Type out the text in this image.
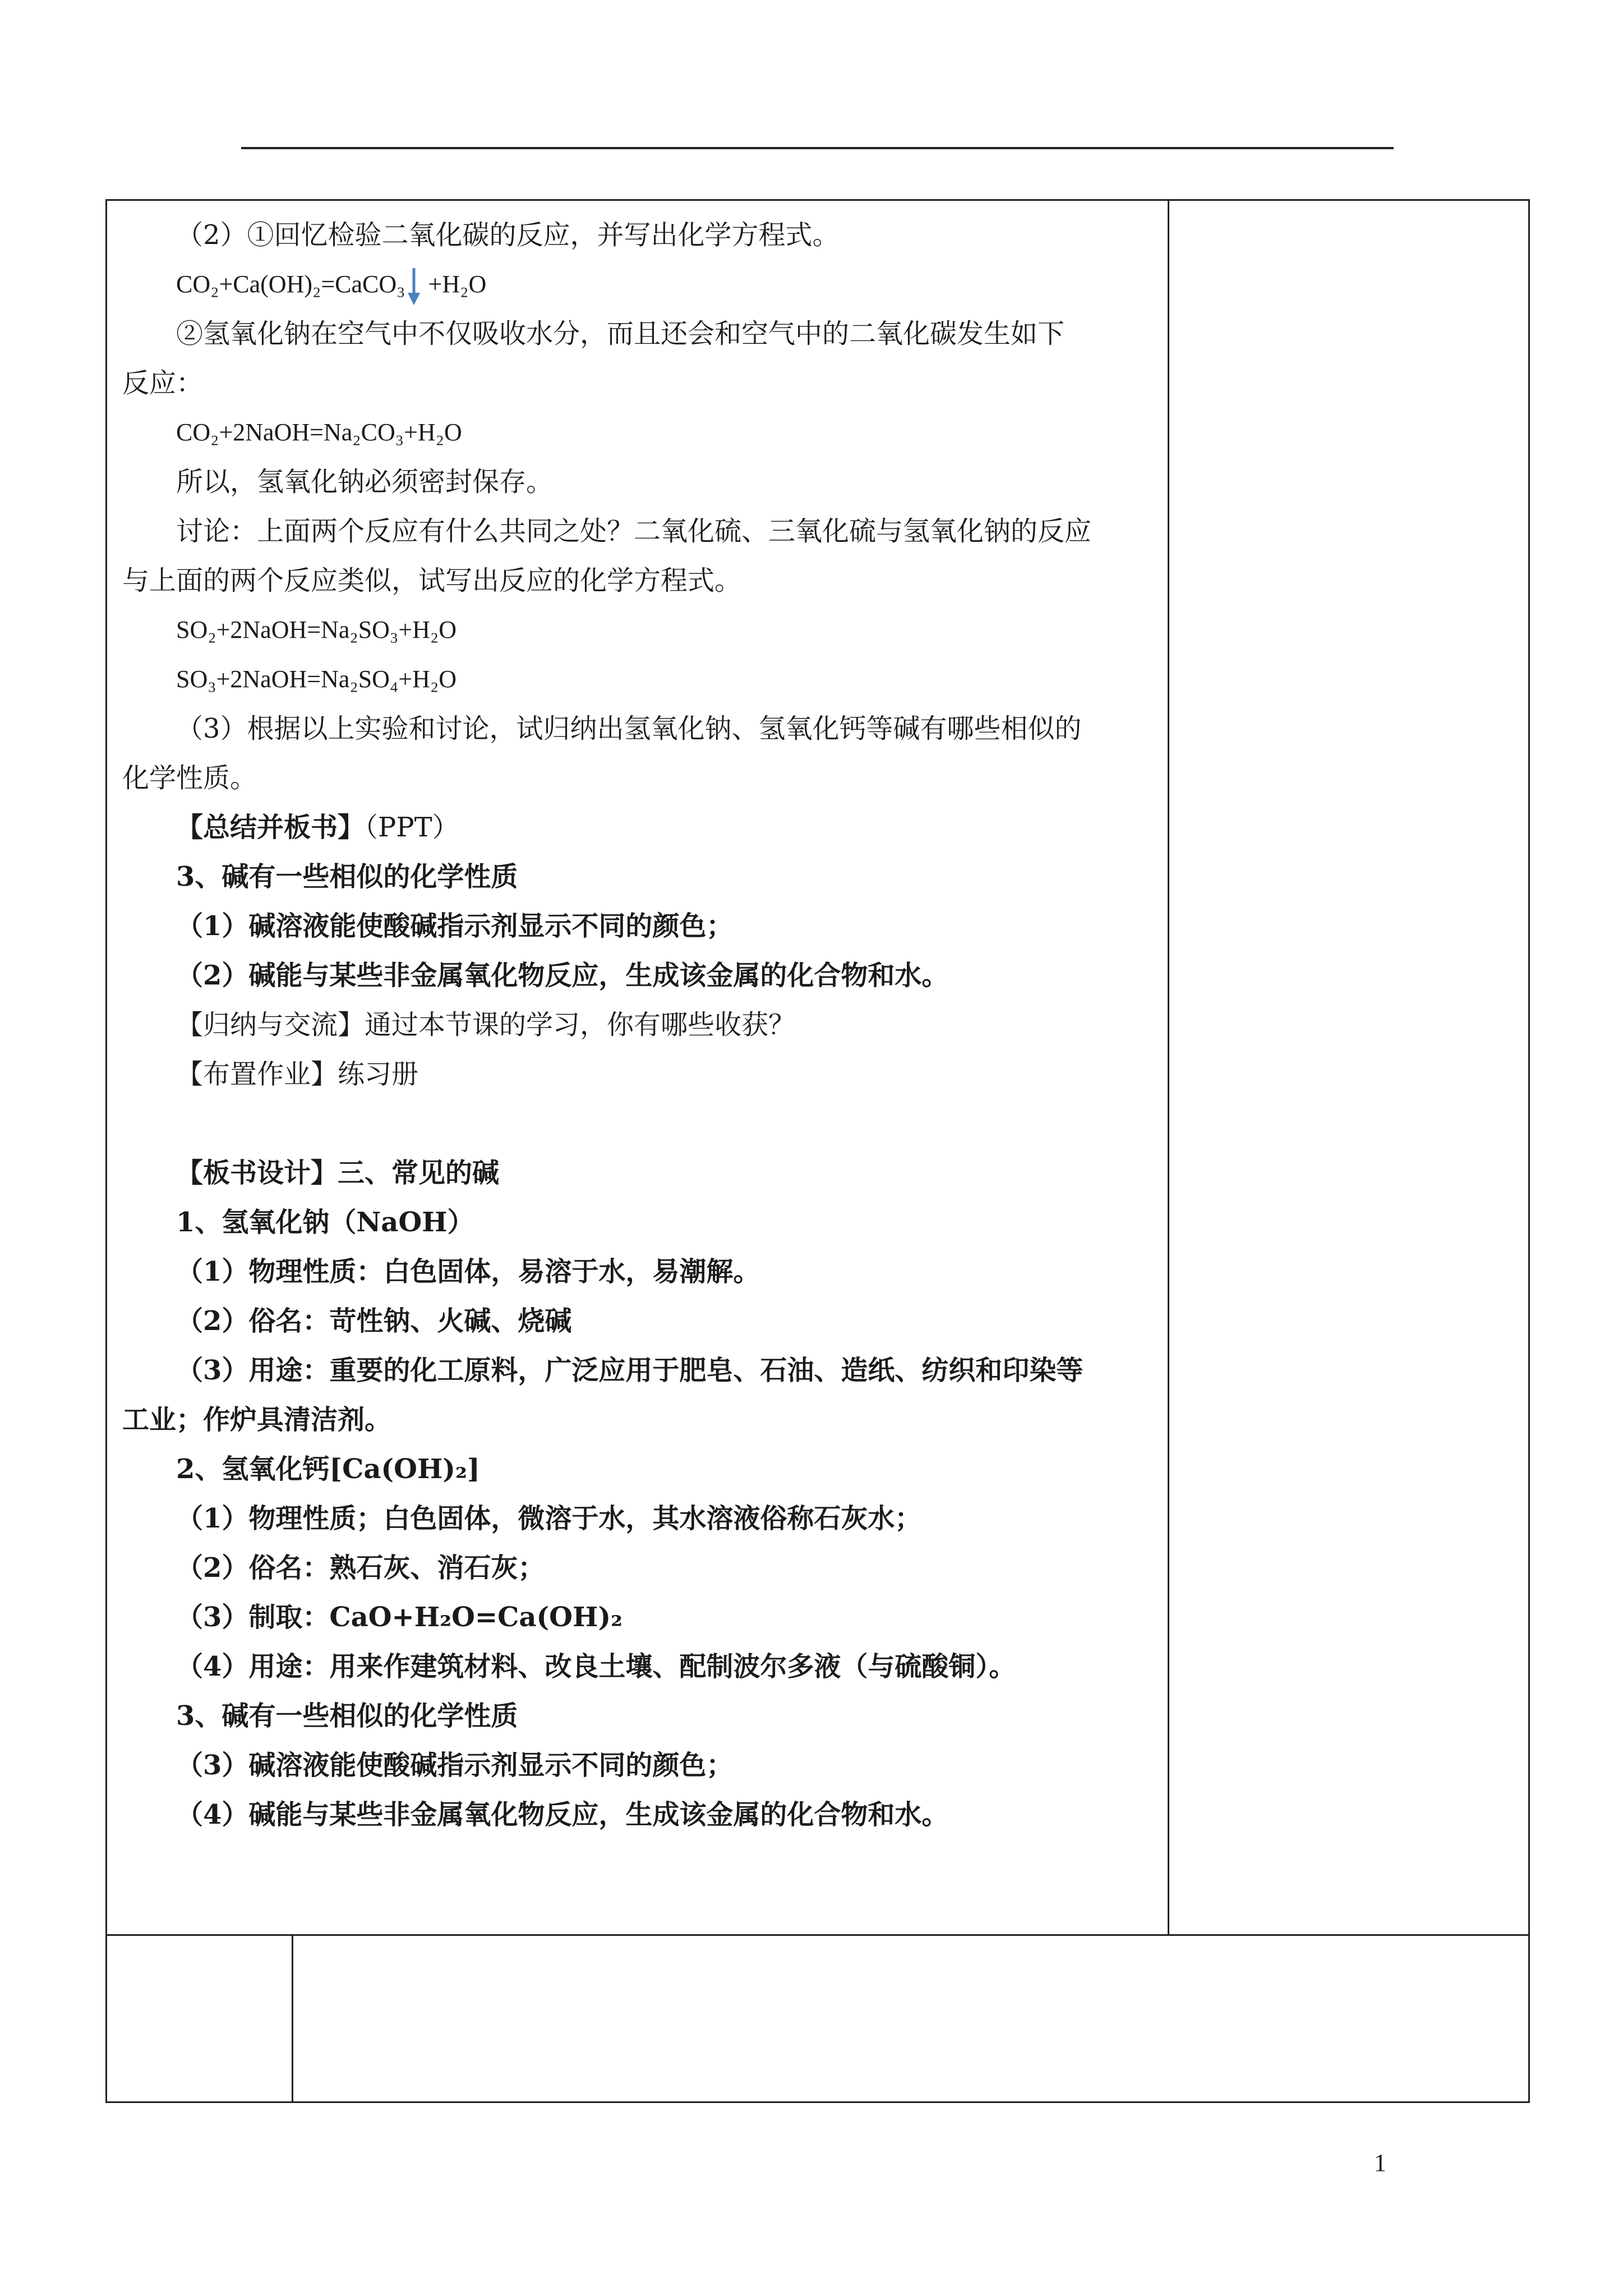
（2）①回忆检验二氧化碳的反应，并写出化学方程式。
CO₂+Ca(OH)₂=CaCO₃ +H₂O
②氢氧化钠在空气中不仅吸收水分，而且还会和空气中的二氧化碳发生如下
反应：
CO₂+2NaOH=Na₂CO₃+H₂O
所以，氢氧化钠必须密封保存。
讨论：上面两个反应有什么共同之处？二氧化硫、三氧化硫与氢氧化钠的反应
与上面的两个反应类似，试写出反应的化学方程式。
SO₂+2NaOH=Na₂SO₃+H₂O
SO₃+2NaOH=Na₂SO₄+H₂O
（3）根据以上实验和讨论，试归纳出氢氧化钠、氢氧化钙等碱有哪些相似的
化学性质。
【总结并板书】（PPT）
3、碱有一些相似的化学性质
（1）碱溶液能使酸碱指示剂显示不同的颜色；
（2）碱能与某些非金属氧化物反应，生成该金属的化合物和水。
【归纳与交流】通过本节课的学习，你有哪些收获？
【布置作业】练习册
【板书设计】三、常见的碱
1、氢氧化钠（NaOH）
（1）物理性质：白色固体，易溶于水，易潮解。
（2）俗名：苛性钠、火碱、烧碱
（3）用途：重要的化工原料，广泛应用于肥皂、石油、造纸、纺织和印染等
工业；作炉具清洁剂。
2、氢氧化钙[Ca(OH)₂]
（1）物理性质；白色固体，微溶于水，其水溶液俗称石灰水；
（2）俗名：熟石灰、消石灰；
（3）制取：CaO+H₂O=Ca(OH)₂
（4）用途：用来作建筑材料、改良土壤、配制波尔多液（与硫酸铜）。
3、碱有一些相似的化学性质
（3）碱溶液能使酸碱指示剂显示不同的颜色；
（4）碱能与某些非金属氧化物反应，生成该金属的化合物和水。
1
